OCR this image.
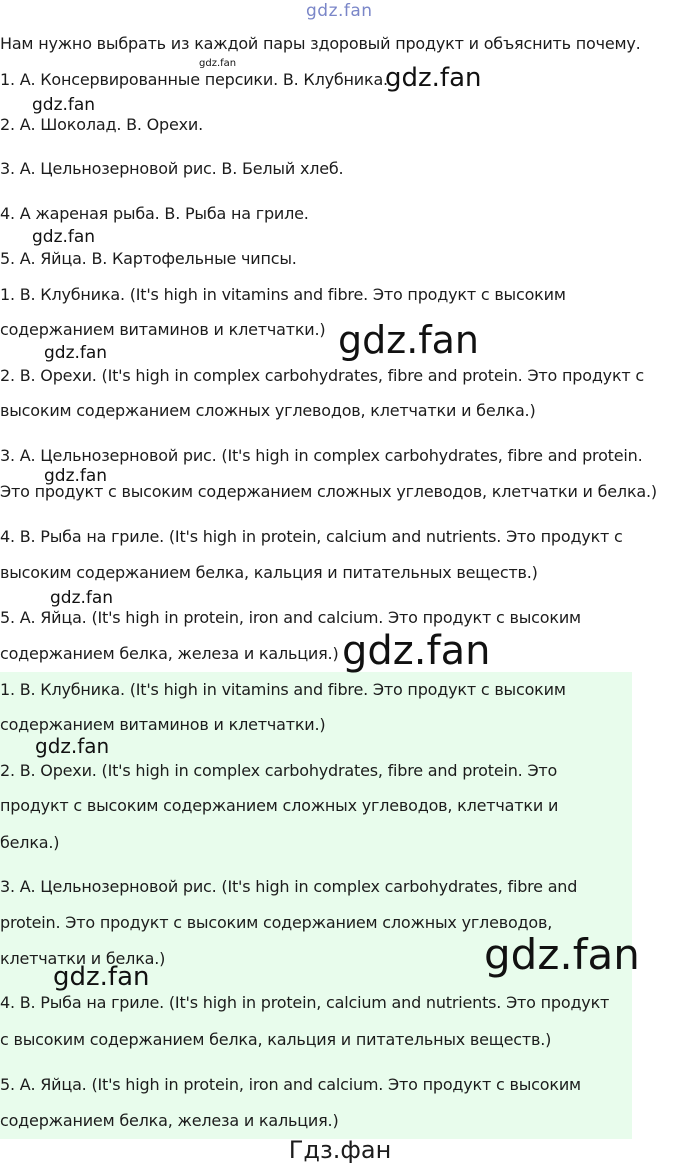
gdz.fan
gdz.fan
Нам нужно выбрать из каждой пары здоровый продукт и объяснить почему.
1. А. Консервированные персики. В. Клубника.
2. А. Шоколад. В. Орехи.
3. А. Цельнозерновой рис. В. Белый хлеб.
4. А жареная рыба. В. Рыба на гриле.
5. А. Яйца. В. Картофельные чипсы.
1. В. Клубника. (It's high in vitamins and fibre. Это продукт с высоким
содержанием витаминов и клетчатки.)
2. В. Орехи. (It's high in complex carbohydrates, fibre and protein. Это продукт с
высоким содержанием сложных углеводов, клетчатки и белка.)
3. А. Цельнозерновой рис. (It's high in complex carbohydrates, fibre and protein.
Это продукт с высоким содержанием сложных углеводов, клетчатки и белка.)
4. В. Рыба на гриле. (It's high in protein, calcium and nutrients. Это продукт с
высоким содержанием белка, кальция и питательных веществ.)
5. А. Яйца. (It's high in protein, iron and calcium. Это продукт с высоким
содержанием белка, железа и кальция.)
1. В. Клубника. (It's high in vitamins and fibre. Это продукт с высоким
содержанием витаминов и клетчатки.)
2. В. Орехи. (It's high in complex carbohydrates, fibre and protein. Это
продукт с высоким содержанием сложных углеводов, клетчатки и
белка.)
3. А. Цельнозерновой рис. (It's high in complex carbohydrates, fibre and
protein. Это продукт с высоким содержанием сложных углеводов,
клетчатки и белка.)
4. В. Рыба на гриле. (It's high in protein, calcium and nutrients. Это продукт
с высоким содержанием белка, кальция и питательных веществ.)
5. А. Яйца. (It's high in protein, iron and calcium. Это продукт с высоким
содержанием белка, железа и кальция.)
gdz.fan
gdz.fan
gdz.fan
gdz.fan
gdz.fan
gdz.fan
gdz.fan
gdz.fan
gdz.fan
gdz.fan
gdz.fan
Гдз.фан
